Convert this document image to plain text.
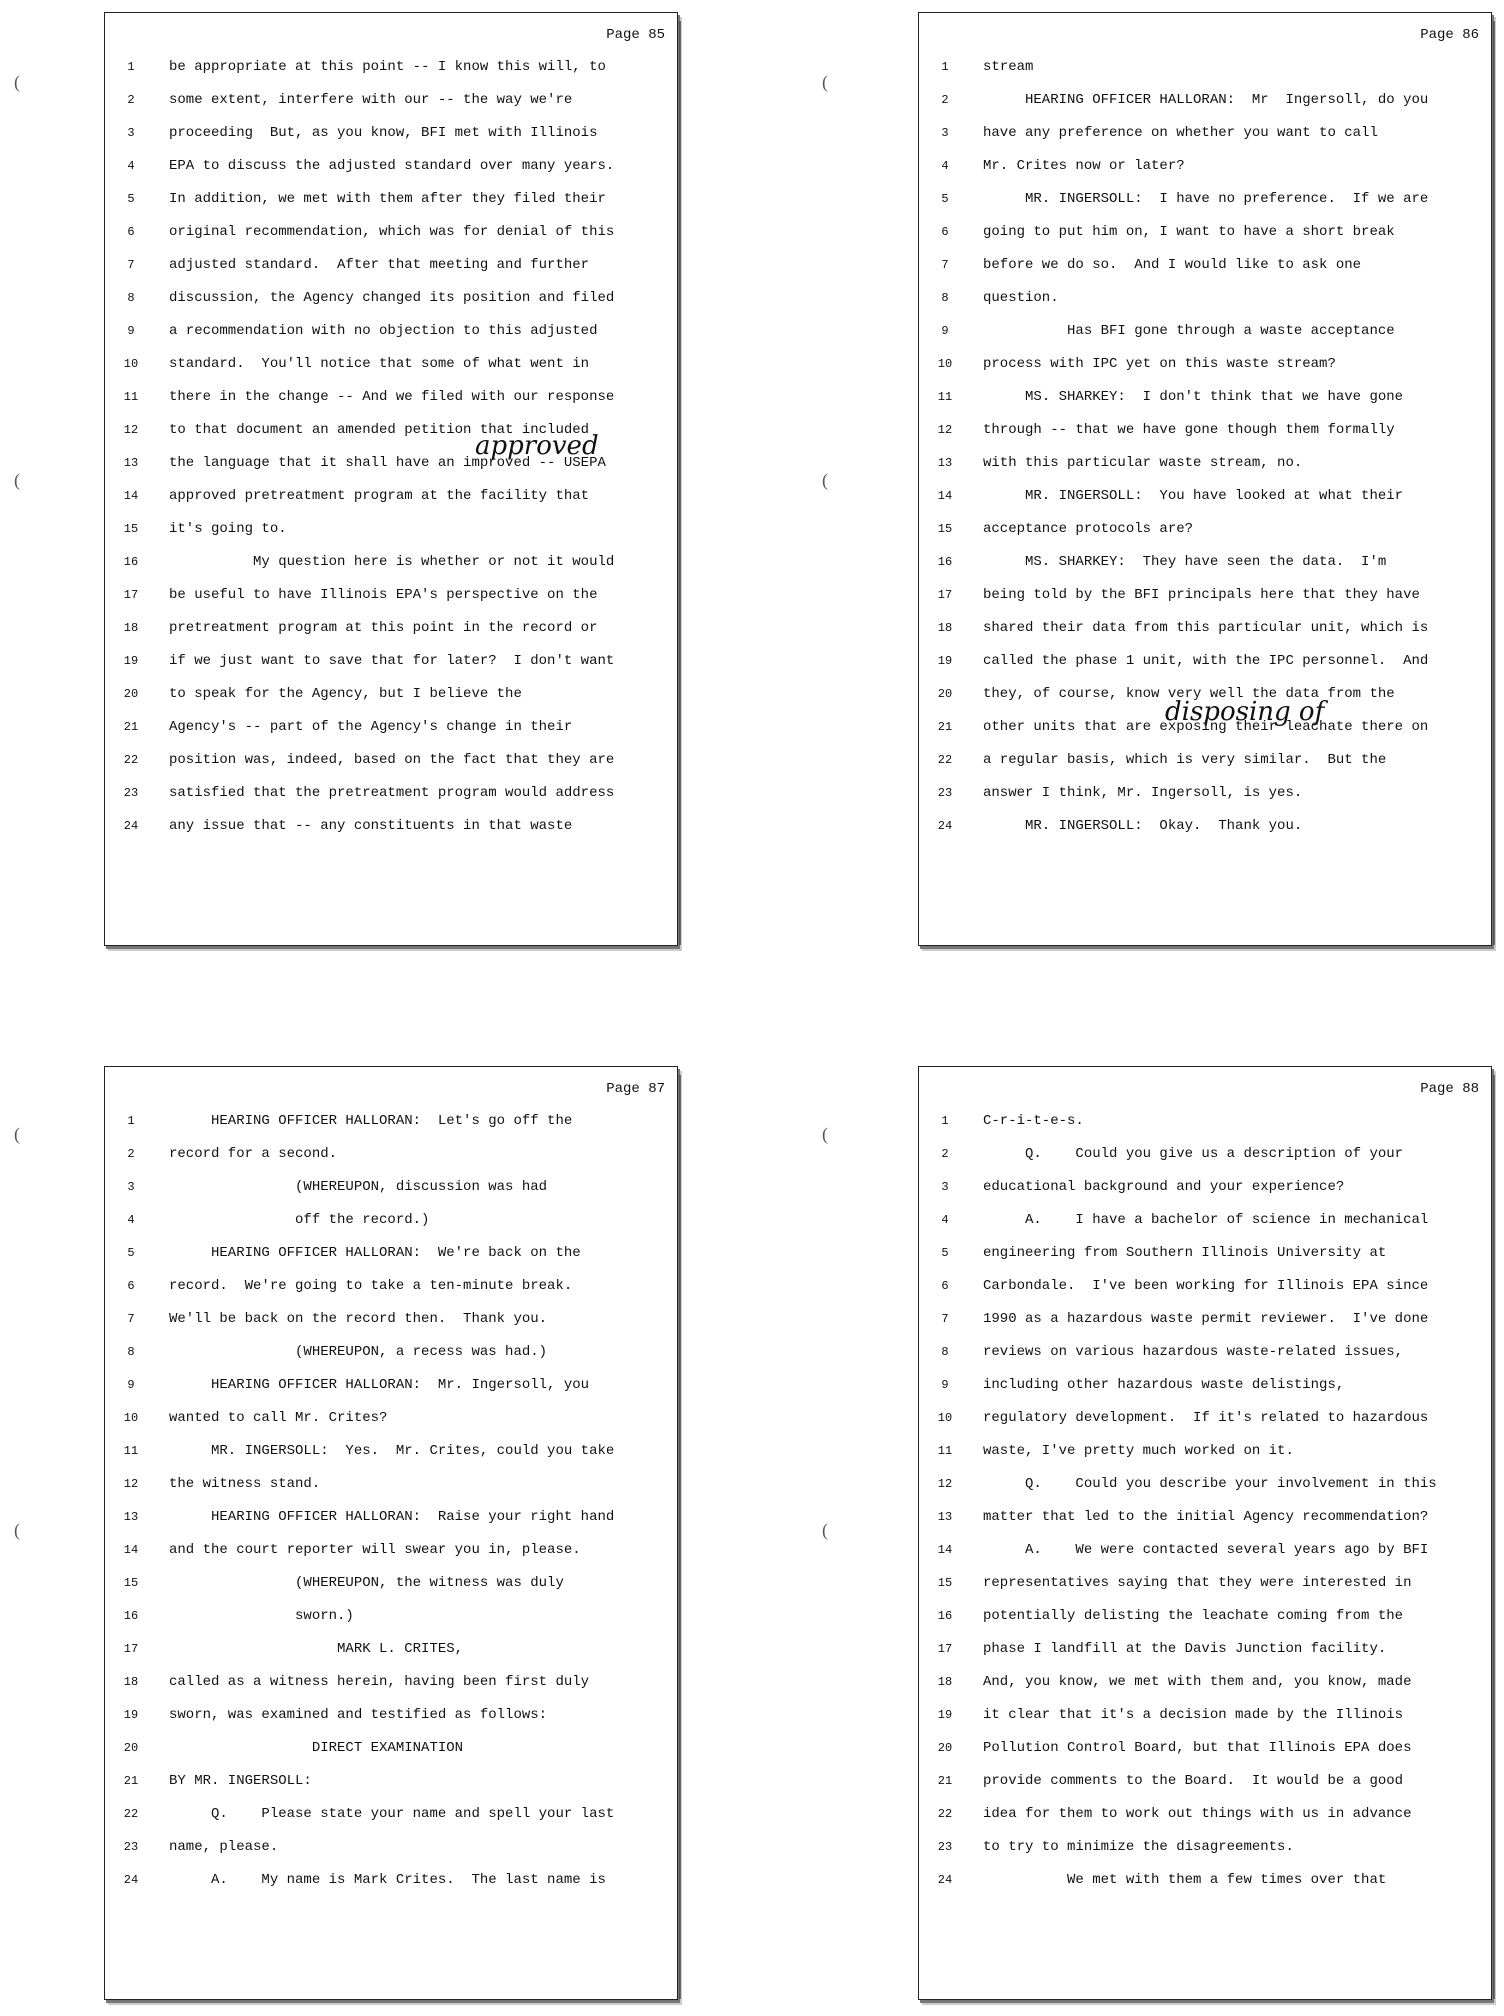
(
(
(
(
(
(
(
(
Page 85
1	be appropriate at this point -- I know this will, to
2	some extent, interfere with our -- the way we're
3	proceeding  But, as you know, BFI met with Illinois
4	EPA to discuss the adjusted standard over many years.
5	In addition, we met with them after they filed their
6	original recommendation, which was for denial of this
7	adjusted standard.  After that meeting and further
8	discussion, the Agency changed its position and filed
9	a recommendation with no objection to this adjusted
10	standard.  You'll notice that some of what went in
11	there in the change -- And we filed with our response
12	to that document an amended petition that included
13	the language that it shall have an improved -- USEPA
14	approved pretreatment program at the facility that
15	it's going to.
16	My question here is whether or not it would
17	be useful to have Illinois EPA's perspective on the
18	pretreatment program at this point in the record or
19	if we just want to save that for later?  I don't want
20	to speak for the Agency, but I believe the
21	Agency's -- part of the Agency's change in their
22	position was, indeed, based on the fact that they are
23	satisfied that the pretreatment program would address
24	any issue that -- any constituents in that waste
approved
Page 86
1	stream
2	HEARING OFFICER HALLORAN:  Mr  Ingersoll, do you
3	have any preference on whether you want to call
4	Mr. Crites now or later?
5	MR. INGERSOLL:  I have no preference.  If we are
6	going to put him on, I want to have a short break
7	before we do so.  And I would like to ask one
8	question.
9	Has BFI gone through a waste acceptance
10	process with IPC yet on this waste stream?
11	MS. SHARKEY:  I don't think that we have gone
12	through -- that we have gone though them formally
13	with this particular waste stream, no.
14	MR. INGERSOLL:  You have looked at what their
15	acceptance protocols are?
16	MS. SHARKEY:  They have seen the data.  I'm
17	being told by the BFI principals here that they have
18	shared their data from this particular unit, which is
19	called the phase 1 unit, with the IPC personnel.  And
20	they, of course, know very well the data from the
21	other units that are exposing their leachate there on
22	a regular basis, which is very similar.  But the
23	answer I think, Mr. Ingersoll, is yes.
24	MR. INGERSOLL:  Okay.  Thank you.
disposing of
Page 87
1	HEARING OFFICER HALLORAN:  Let's go off the
2	record for a second.
3	(WHEREUPON, discussion was had
4	off the record.)
5	HEARING OFFICER HALLORAN:  We're back on the
6	record.  We're going to take a ten-minute break.
7	We'll be back on the record then.  Thank you.
8	(WHEREUPON, a recess was had.)
9	HEARING OFFICER HALLORAN:  Mr. Ingersoll, you
10	wanted to call Mr. Crites?
11	MR. INGERSOLL:  Yes.  Mr. Crites, could you take
12	the witness stand.
13	HEARING OFFICER HALLORAN:  Raise your right hand
14	and the court reporter will swear you in, please.
15	(WHEREUPON, the witness was duly
16	sworn.)
17	MARK L. CRITES,
18	called as a witness herein, having been first duly
19	sworn, was examined and testified as follows:
20	DIRECT EXAMINATION
21	BY MR. INGERSOLL:
22	Q.    Please state your name and spell your last
23	name, please.
24	A.    My name is Mark Crites.  The last name is
Page 88
1	C-r-i-t-e-s.
2	Q.    Could you give us a description of your
3	educational background and your experience?
4	A.    I have a bachelor of science in mechanical
5	engineering from Southern Illinois University at
6	Carbondale.  I've been working for Illinois EPA since
7	1990 as a hazardous waste permit reviewer.  I've done
8	reviews on various hazardous waste-related issues,
9	including other hazardous waste delistings,
10	regulatory development.  If it's related to hazardous
11	waste, I've pretty much worked on it.
12	Q.    Could you describe your involvement in this
13	matter that led to the initial Agency recommendation?
14	A.    We were contacted several years ago by BFI
15	representatives saying that they were interested in
16	potentially delisting the leachate coming from the
17	phase I landfill at the Davis Junction facility.
18	And, you know, we met with them and, you know, made
19	it clear that it's a decision made by the Illinois
20	Pollution Control Board, but that Illinois EPA does
21	provide comments to the Board.  It would be a good
22	idea for them to work out things with us in advance
23	to try to minimize the disagreements.
24	We met with them a few times over that
